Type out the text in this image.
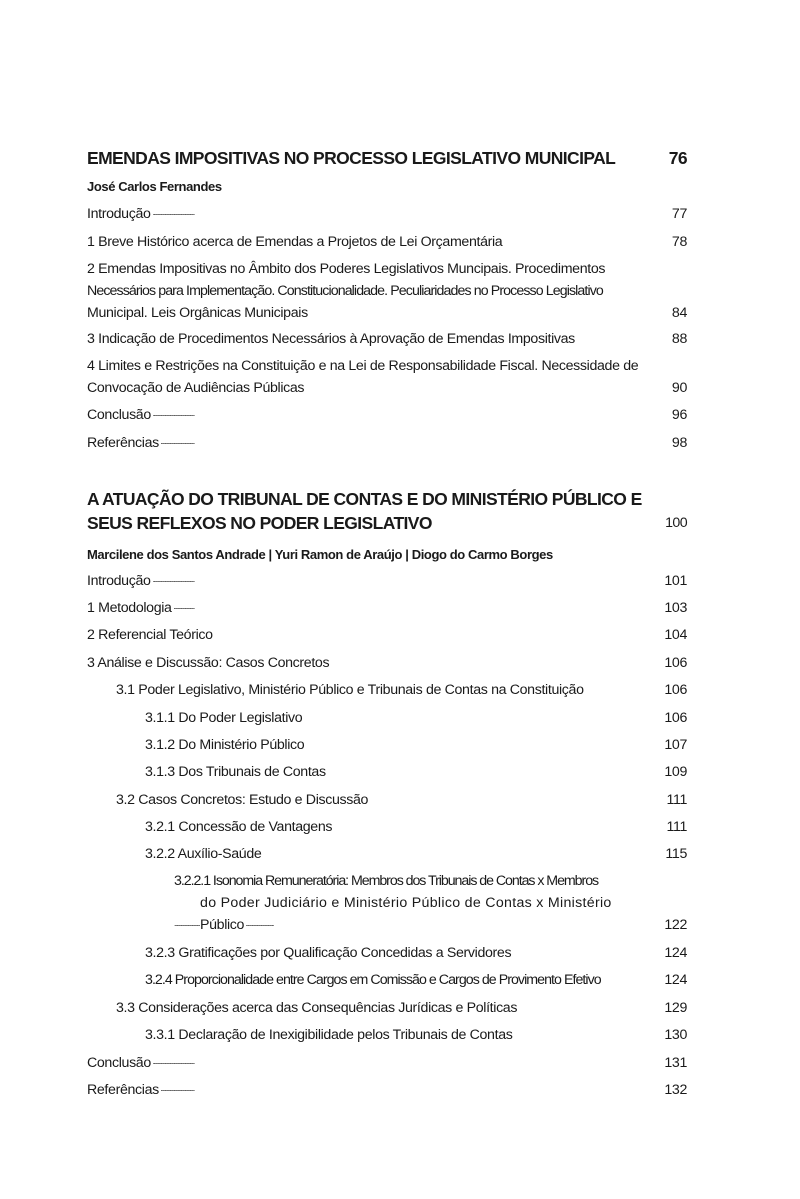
EMENDAS IMPOSITIVAS NO PROCESSO LEGISLATIVO MUNICIPAL . . .	76
José Carlos Fernandes
Introdução . . .	77
1 Breve Histórico acerca de Emendas a Projetos de Lei Orçamentária . . .	78
2 Emendas Impositivas no Âmbito dos Poderes Legislativos Muncipais. Procedimentos
Necessários para Implementação. Constitucionalidade. Peculiaridades no Processo Legislativo
Municipal. Leis Orgânicas Municipais . . .	84
3 Indicação de Procedimentos Necessários à Aprovação de Emendas Impositivas . . .	88
4 Limites e Restrições na Constituição e na Lei de Responsabilidade Fiscal. Necessidade de
Convocação de Audiências Públicas . . .	90
Conclusão . . .	96
Referências . . .	98
A ATUAÇÃO DO TRIBUNAL DE CONTAS E DO MINISTÉRIO PÚBLICO E
SEUS REFLEXOS NO PODER LEGISLATIVO . . .	100
Marcilene dos Santos Andrade | Yuri Ramon de Araújo | Diogo do Carmo Borges
Introdução . . .	101
1 Metodologia . . .	103
2 Referencial Teórico . . .	104
3 Análise e Discussão: Casos Concretos . . .	106
3.1 Poder Legislativo, Ministério Público e Tribunais de Contas na Constituição . . .	106
3.1.1 Do Poder Legislativo . . .	106
3.1.2 Do Ministério Público . . .	107
3.1.3 Dos Tribunais de Contas . . .	109
3.2 Casos Concretos: Estudo e Discussão . . .	111
3.2.1 Concessão de Vantagens . . .	111
3.2.2 Auxílio-Saúde . . .	115
3.2.2.1 Isonomia Remuneratória: Membros dos Tribunais de Contas x Membros
do Poder Judiciário e Ministério Público de Contas x Ministério
Público . . .	122
3.2.3 Gratificações por Qualificação Concedidas a Servidores . . .	124
3.2.4 Proporcionalidade entre Cargos em Comissão e Cargos de Provimento Efetivo . . .	124
3.3 Considerações acerca das Consequências Jurídicas e Políticas . . .	129
3.3.1 Declaração de Inexigibilidade pelos Tribunais de Contas . . .	130
Conclusão . . .	131
Referências . . .	132
